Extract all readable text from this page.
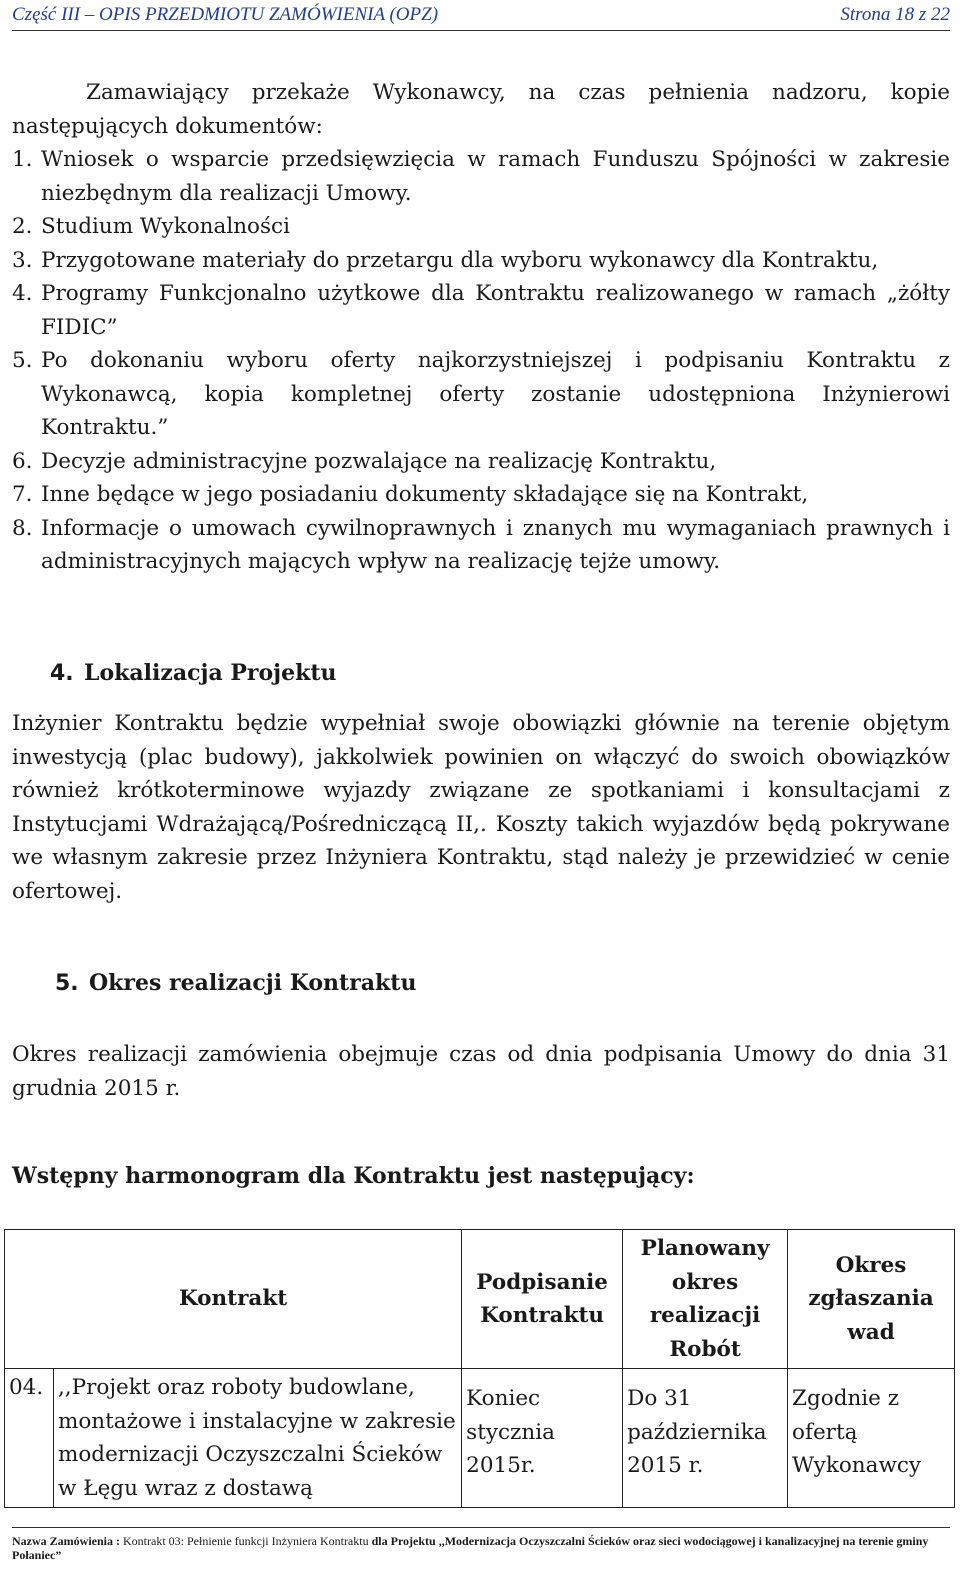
Część III – OPIS PRZEDMIOTU ZAMÓWIENIA (OPZ)	Strona 18 z 22
Zamawiający przekaże Wykonawcy, na czas pełnienia nadzoru, kopie następujących dokumentów:
1. Wniosek o wsparcie przedsięwzięcia w ramach Funduszu Spójności w zakresie niezbędnym dla realizacji Umowy.
2. Studium Wykonalności
3. Przygotowane materiały do przetargu dla wyboru wykonawcy dla Kontraktu,
4. Programy Funkcjonalno użytkowe dla Kontraktu realizowanego w ramach „żółty FIDIC”
5. Po dokonaniu wyboru oferty najkorzystniejszej i podpisaniu Kontraktu z Wykonawcą, kopia kompletnej oferty zostanie udostępniona Inżynierowi Kontraktu.”
6. Decyzje administracyjne pozwalające na realizację Kontraktu,
7. Inne będące w jego posiadaniu dokumenty składające się na Kontrakt,
8. Informacje o umowach cywilnoprawnych i znanych mu wymaganiach prawnych i administracyjnych mających wpływ na realizację tejże umowy.
4. Lokalizacja Projektu
Inżynier Kontraktu będzie wypełniał swoje obowiązki głównie na terenie objętym inwestycją (plac budowy), jakkolwiek powinien on włączyć do swoich obowiązków również krótkoterminowe wyjazdy związane ze spotkaniami i konsultacjami z Instytucjami Wdrażającą/Pośredniczącą II,. Koszty takich wyjazdów będą pokrywane we własnym zakresie przez Inżyniera Kontraktu, stąd należy je przewidzieć w cenie ofertowej.
5. Okres realizacji Kontraktu
Okres realizacji zamówienia obejmuje czas od dnia podpisania Umowy do dnia 31 grudnia 2015 r.
Wstępny harmonogram dla Kontraktu jest następujący:
Kontrakt		Podpisanie Kontraktu	Planowany okres realizacji Robót	Okres zgłaszania wad
04.	,,Projekt oraz roboty budowlane, montażowe i instalacyjne w zakresie modernizacji Oczyszczalni Ścieków w Łęgu wraz z dostawą	Koniec stycznia 2015r.	Do 31 października 2015 r.	Zgodnie z ofertą Wykonawcy
Nazwa Zamówienia : Kontrakt 03: Pełnienie funkcji Inżyniera Kontraktu dla Projektu ,,Modernizacja Oczyszczalni Ścieków oraz sieci wodociągowej i kanalizacyjnej na terenie gminy Połaniec”
